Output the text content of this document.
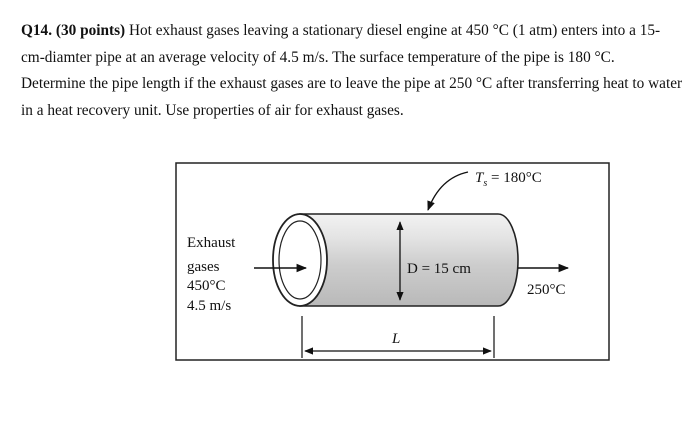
Q14. (30 points) Hot exhaust gases leaving a stationary diesel engine at 450 °C (1 atm) enters into a 15-cm-diamter pipe at an average velocity of 4.5 m/s. The surface temperature of the pipe is 180 °C. Determine the pipe length if the exhaust gases are to leave the pipe at 250 °C after transferring heat to water in a heat recovery unit. Use properties of air for exhaust gases.

Exhaust
gases
450°C
4.5 m/s
$T_s = 180^\circ C$
D = 15 cm
250°C
L
